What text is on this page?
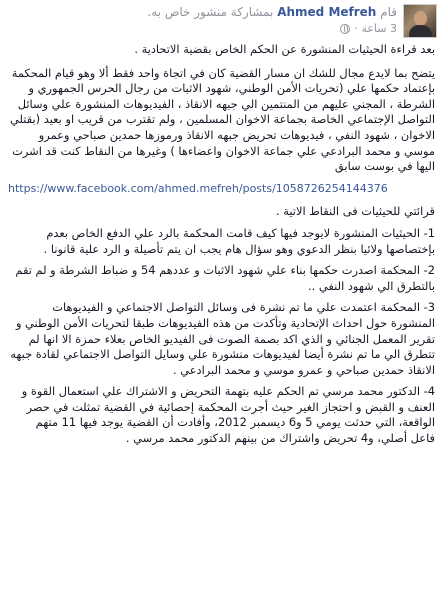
قام Ahmed Mefreh بمشاركة منشور خاص به.
3 ساعة
·

بعد قراءة الحيثيات المنشورة عن الحكم الخاص بقضية الاتحادية .

يتضح بما لايدع مجال للشك ان مسار القضية كان في اتجاة واحد فقط ألا وهو قيام المحكمة بإعتماد حكمها علي (تحريات الأمن الوطني، شهود الاثبات من رجال الحرس الجمهوري و الشرطة ، المجني عليهم من المنتمين الي جبهه الانقاذ ، الفيديوهات المنشورة علي وسائل التواصل الإجتماعي الخاصة بجماعة الاخوان المسلمين ، ولم تقترب من قريب او بعيد (بقتلي الاخوان ، شهود النفي ، فيديوهات تحريض جبهه الانقاذ ورموزها حمدين صباحي وعمرو موسي و محمد البرادعي علي جماعة الاخوان واعضاءها ) وغيرها من النقاط كنت قد اشرت اليها في بوست سابق

https://www.facebook.com/ahmed.mefreh/posts/1058726254144376

قرائتي للحيثيات فى النقاط الاتية .

1- الحيثيات المنشورة لايوجد فيها كيف قامت المحكمة بالرد علي الدفع الخاص بعدم بإختصاصها ولائيا بنظر الدعوي وهو سؤال هام يجب ان يتم تأصيلة و الرد علية قانونا .

2- المحكمة اصدرت حكمها بناء علي شهود الاثبات و عددهم 54 و ضباط الشرطة و لم تقم بالتطرق الي شهود النفي ..

3- المحكمة اعتمدت علي ما تم نشرة فى وسائل التواصل الاجتماعي و الفيديوهات المنشورة حول احداث الإتحادية وتأكدت من هذه الفيديوهات طبقا لتحريات الأمن الوطني و تقرير المعمل الجنائي و الذي اكد بصمة الصوت فى الفيديو الخاص بعلاء حمزة الا انها لم تتطرق الي ما تم نشرة أيضا لفيديوهات منشورة علي وسايل التواصل الاجتماعي لقادة جبهه الانقاذ حمدين صباحي و عمرو موسي و محمد البرادعي .

4- الدكتور محمد مرسي تم الحكم عليه بتهمة التحريض و الاشتراك علي استعمال القوة و العنف و القبض و احتجاز الغير حيث أجرت المحكمة إحصائية في القضية تمثلت في حصر الواقعة، التي حدثت يومي 5 و6 ديسمبر 2012، وأفادت أن القضية يوجد فيها 11 متهم فاعل أصلي، و4 تحريض واشتراك من بينهم الدكتور محمد مرسي .
